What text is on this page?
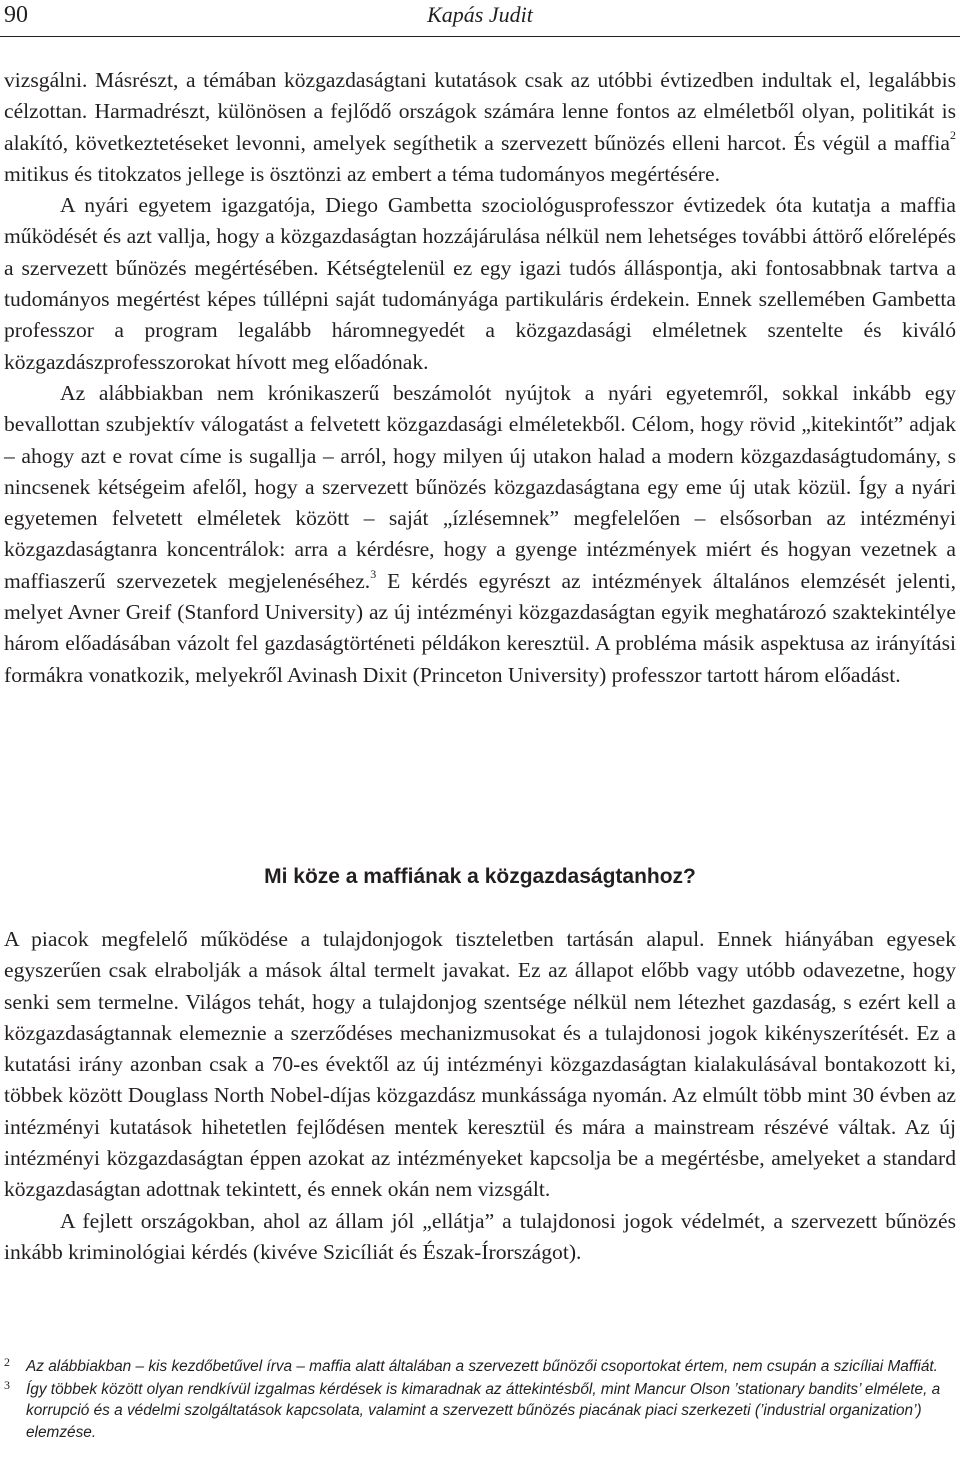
90	Kapás Judit

vizsgálni. Másrészt, a témában közgazdaságtani kutatások csak az utóbbi évtizedben indultak el, legalábbis célzottan. Harmadrészt, különösen a fejlődő országok számára lenne fontos az elméletből olyan, politikát is alakító, következtetéseket levonni, amelyek segíthetik a szervezett bűnözés elleni harcot. És végül a maffia$^2$ mitikus és titokzatos jellege is ösztönzi az embert a téma tudományos megértésére.

A nyári egyetem igazgatója, Diego Gambetta szociológusprofesszor évtizedek óta kutatja a maffia működését és azt vallja, hogy a közgazdaságtan hozzájárulása nélkül nem lehetséges további áttörő előrelépés a szervezett bűnözés megértésében. Kétségtelenül ez egy igazi tudós álláspontja, aki fontosabbnak tartva a tudományos megértést képes túllépni saját tudományága partikuláris érdekein. Ennek szellemében Gambetta professzor a program legalább háromnegyedét a közgazdasági elméletnek szentelte és kiváló közgazdászprofesszorokat hívott meg előadónak.

Az alábbiakban nem krónikaszerű beszámolót nyújtok a nyári egyetemről, sokkal inkább egy bevallottan szubjektív válogatást a felvetett közgazdasági elméletekből. Célom, hogy rövid „kitekintőt” adjak – ahogy azt e rovat címe is sugallja – arról, hogy milyen új utakon halad a modern közgazdaságtudomány, s nincsenek kétségeim afelől, hogy a szervezett bűnözés közgazdaságtana egy eme új utak közül. Így a nyári egyetemen felvetett elméletek között – saját „ízlésemnek” megfelelően – elsősorban az intézményi közgazdaságtanra koncentrálok: arra a kérdésre, hogy a gyenge intézmények miért és hogyan vezetnek a maffiaszerű szervezetek megjelenéséhez.$^3$ E kérdés egyrészt az intézmények általános elemzését jelenti, melyet Avner Greif (Stanford University) az új intézményi közgazdaságtan egyik meghatározó szaktekintélye három előadásában vázolt fel gazdaságtörténeti példákon keresztül. A probléma másik aspektusa az irányítási formákra vonatkozik, melyekről Avinash Dixit (Princeton University) professzor tartott három előadást.

Mi köze a maffiának a közgazdaságtanhoz?

A piacok megfelelő működése a tulajdonjogok tiszteletben tartásán alapul. Ennek hiányában egyesek egyszerűen csak elrabolják a mások által termelt javakat. Ez az állapot előbb vagy utóbb odavezetne, hogy senki sem termelne. Világos tehát, hogy a tulajdonjog szentsége nélkül nem létezhet gazdaság, s ezért kell a közgazdaságtannak elemeznie a szerződéses mechanizmusokat és a tulajdonosi jogok kikényszerítését. Ez a kutatási irány azonban csak a 70-es évektől az új intézményi közgazdaságtan kialakulásával bontakozott ki, többek között Douglass North Nobel-díjas közgazdász munkássága nyomán. Az elmúlt több mint 30 évben az intézményi kutatások hihetetlen fejlődésen mentek keresztül és mára a mainstream részévé váltak. Az új intézményi közgazdaságtan éppen azokat az intézményeket kapcsolja be a megértésbe, amelyeket a standard közgazdaságtan adottnak tekintett, és ennek okán nem vizsgált.

A fejlett országokban, ahol az állam jól „ellátja” a tulajdonosi jogok védelmét, a szervezett bűnözés inkább kriminológiai kérdés (kivéve Szicíliát és Észak-Írországot).

2 Az alábbiakban – kis kezdőbetűvel írva – maffia alatt általában a szervezett bűnözői csoportokat értem, nem csupán a szicíliai Maffiát.
3 Így többek között olyan rendkívül izgalmas kérdések is kimaradnak az áttekintésből, mint Mancur Olson ’stationary bandits’ elmélete, a korrupció és a védelmi szolgáltatások kapcsolata, valamint a szervezett bűnözés piacának piaci szerkezeti (’industrial organization’) elemzése.
